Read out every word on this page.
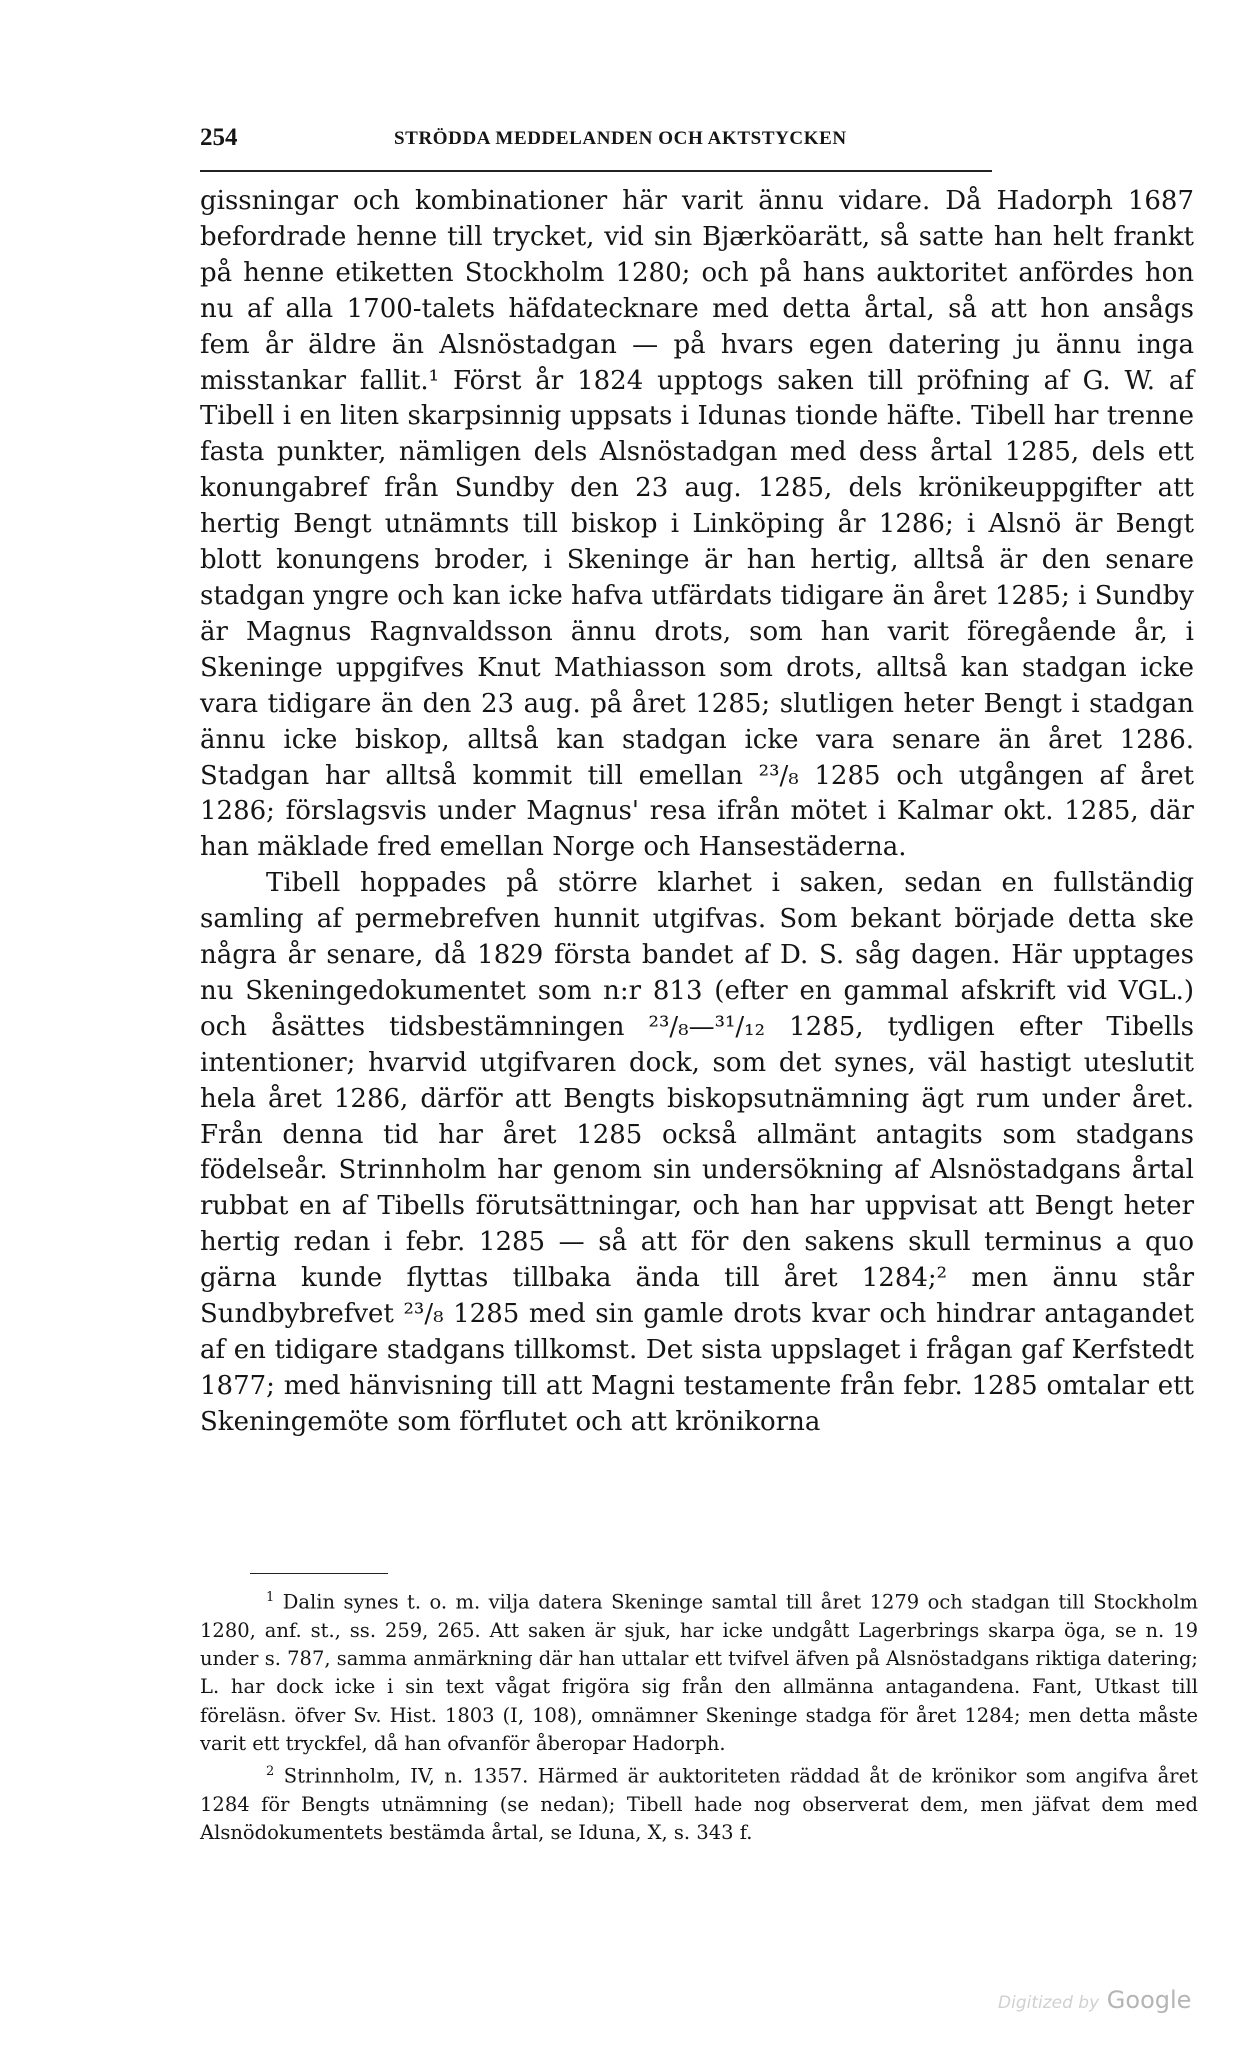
254	STRÖDDA MEDDELANDEN OCH AKTSTYCKEN

gissningar och kombinationer här varit ännu vidare. Då Hadorph 1687 befordrade henne till trycket, vid sin Bjærköarätt, så satte han helt frankt på henne etiketten Stockholm 1280; och på hans auktoritet anfördes hon nu af alla 1700-talets häfdatecknare med detta årtal, så att hon ansågs fem år äldre än Alsnöstadgan — på hvars egen datering ju ännu inga misstankar fallit.¹ Först år 1824 upptogs saken till pröfning af G. W. af Tibell i en liten skarpsinnig uppsats i Idunas tionde häfte. Tibell har trenne fasta punkter, nämligen dels Alsnöstadgan med dess årtal 1285, dels ett konungabref från Sundby den 23 aug. 1285, dels krönikeuppgifter att hertig Bengt utnämnts till biskop i Linköping år 1286; i Alsnö är Bengt blott konungens broder, i Skeninge är han hertig, alltså är den senare stadgan yngre och kan icke hafva utfärdats tidigare än året 1285; i Sundby är Magnus Ragnvaldsson ännu drots, som han varit föregående år, i Skeninge uppgifves Knut Mathiasson som drots, alltså kan stadgan icke vara tidigare än den 23 aug. på året 1285; slutligen heter Bengt i stadgan ännu icke biskop, alltså kan stadgan icke vara senare än året 1286. Stadgan har alltså kommit till emellan ²³/₈ 1285 och utgången af året 1286; förslagsvis under Magnus' resa ifrån mötet i Kalmar okt. 1285, där han mäklade fred emellan Norge och Hansestäderna.

Tibell hoppades på större klarhet i saken, sedan en fullständig samling af permebrefven hunnit utgifvas. Som bekant började detta ske några år senare, då 1829 första bandet af D. S. såg dagen. Här upptages nu Skeningedokumentet som n:r 813 (efter en gammal afskrift vid VGL.) och åsättes tidsbestämningen ²³/₈—³¹/₁₂ 1285, tydligen efter Tibells intentioner; hvarvid utgifvaren dock, som det synes, väl hastigt uteslutit hela året 1286, därför att Bengts biskopsutnämning ägt rum under året. Från denna tid har året 1285 också allmänt antagits som stadgans födelseår. Strinnholm har genom sin undersökning af Alsnöstadgans årtal rubbat en af Tibells förutsättningar, och han har uppvisat att Bengt heter hertig redan i febr. 1285 — så att för den sakens skull terminus a quo gärna kunde flyttas tillbaka ända till året 1284;² men ännu står Sundbybrefvet ²³/₈ 1285 med sin gamle drots kvar och hindrar antagandet af en tidigare stadgans tillkomst. Det sista uppslaget i frågan gaf Kerfstedt 1877; med hänvisning till att Magni testamente från febr. 1285 omtalar ett Skeningemöte som förflutet och att krönikorna

$^1$ Dalin synes t. o. m. vilja datera Skeninge samtal till året 1279 och stadgan till Stockholm 1280, anf. st., ss. 259, 265. Att saken är sjuk, har icke undgått Lagerbrings skarpa öga, se n. 19 under s. 787, samma anmärkning där han uttalar ett tvifvel äfven på Alsnöstadgans riktiga datering; L. har dock icke i sin text vågat frigöra sig från den allmänna antagandena. Fant, Utkast till föreläsn. öfver Sv. Hist. 1803 (I, 108), omnämner Skeninge stadga för året 1284; men detta måste varit ett tryckfel, då han ofvanför åberopar Hadorph.

$^2$ Strinnholm, IV, n. 1357. Härmed är auktoriteten räddad åt de krönikor som angifva året 1284 för Bengts utnämning (se nedan); Tibell hade nog observerat dem, men jäfvat dem med Alsnödokumentets bestämda årtal, se Iduna, X, s. 343 f.

Digitized by Google
